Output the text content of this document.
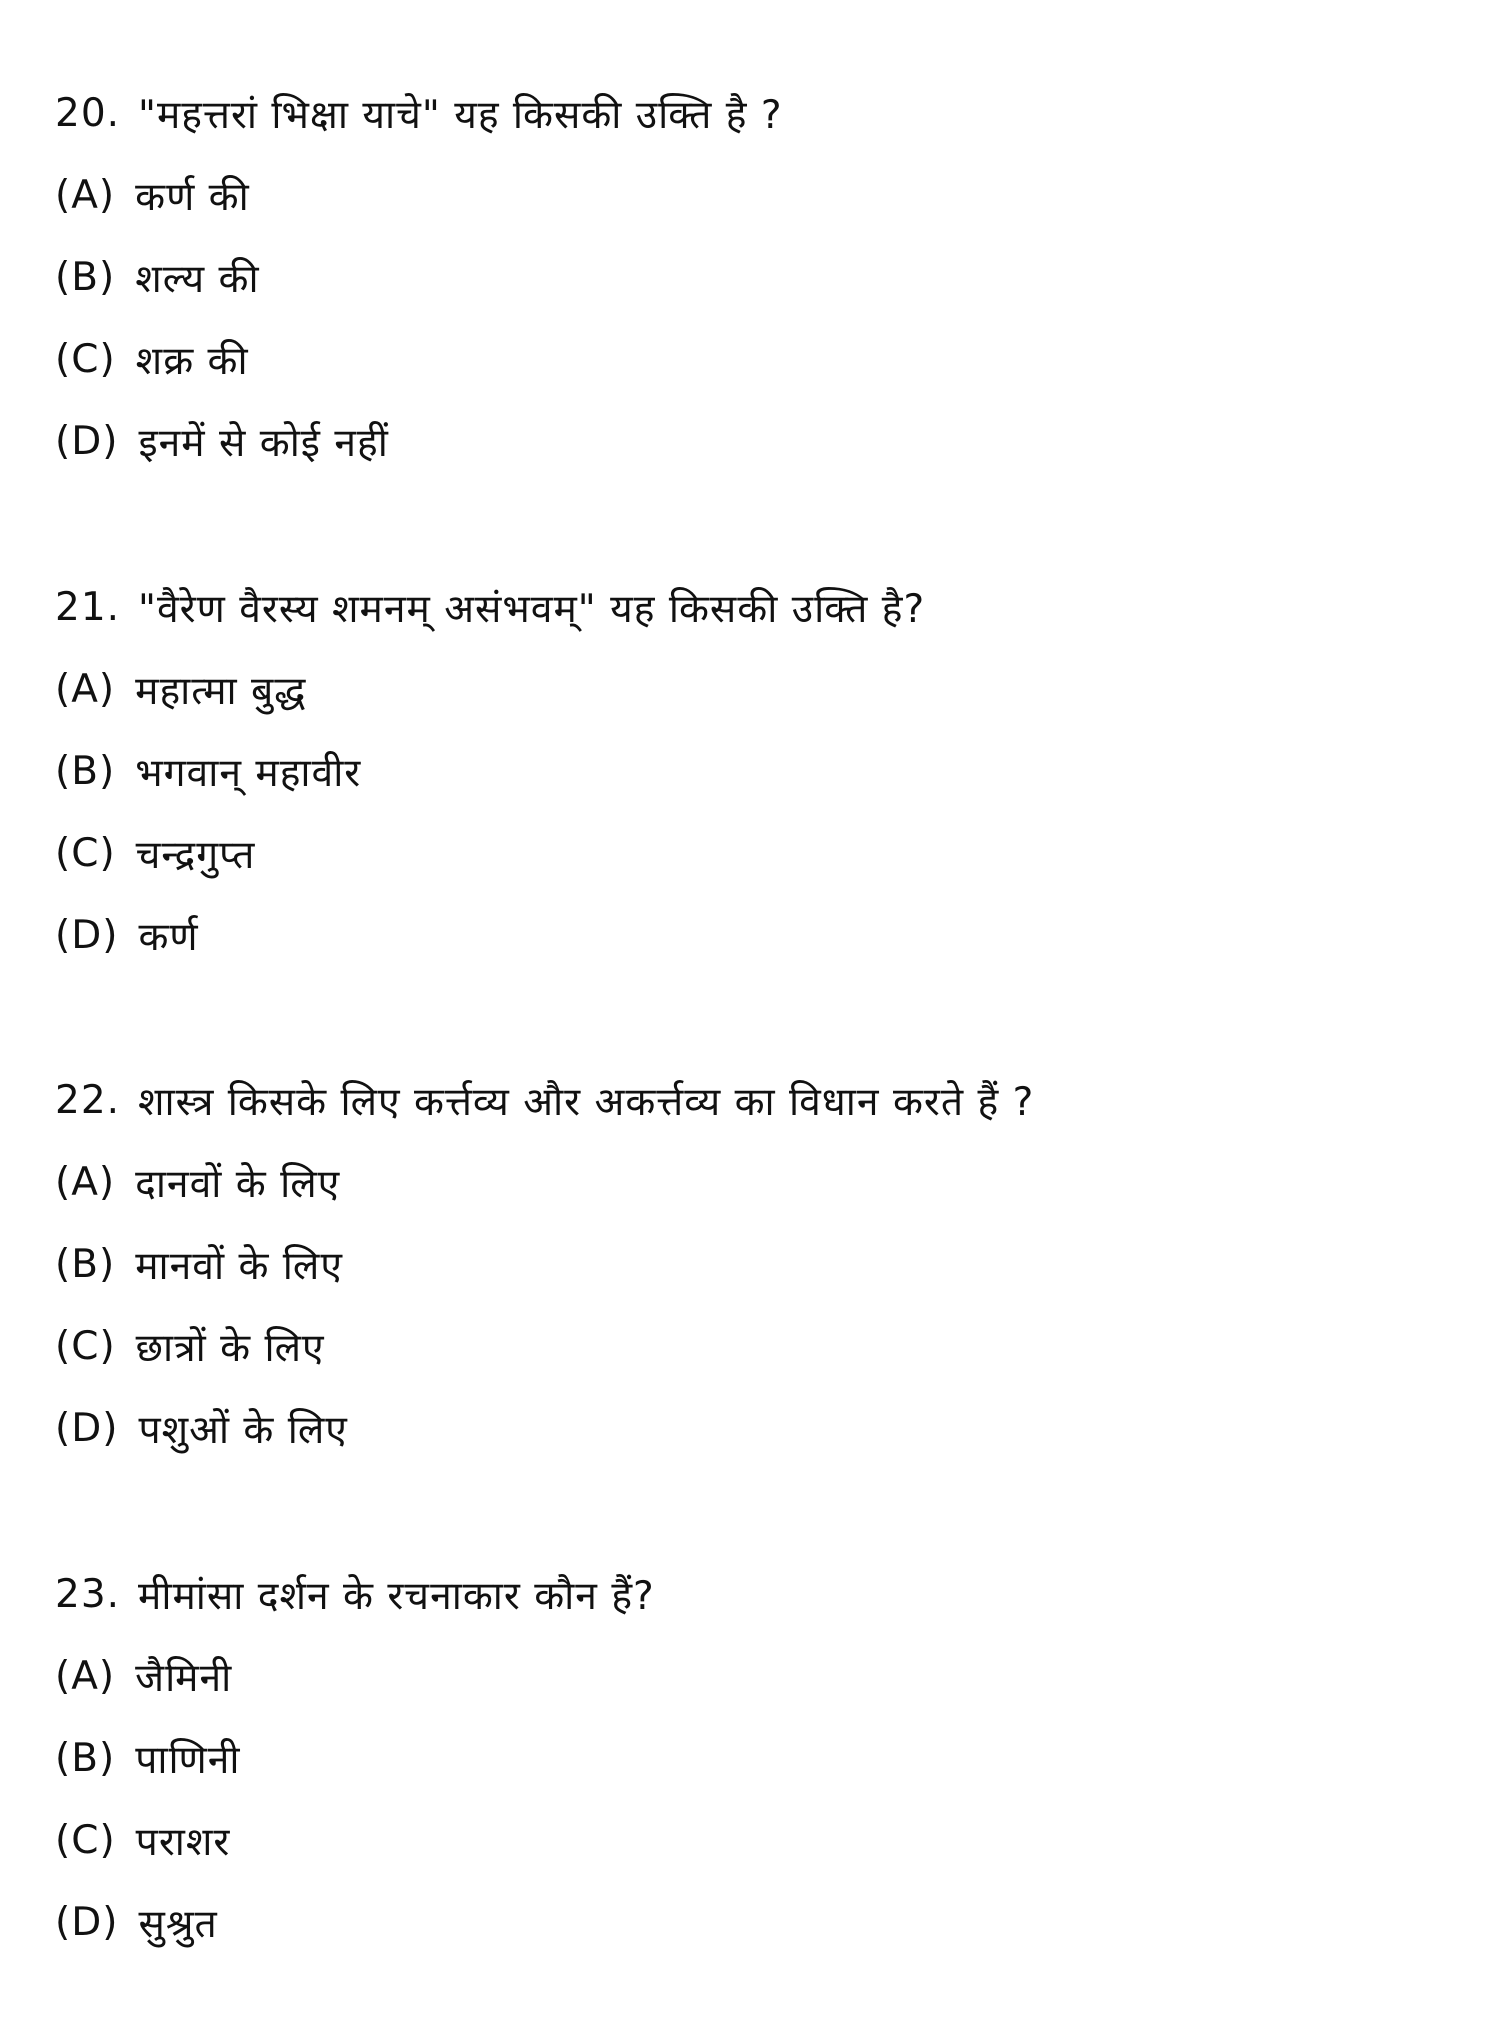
20. "महत्तरां भिक्षा याचे" यह किसकी उक्ति है ?
(A) कर्ण की
(B) शल्य की
(C) शक्र की
(D) इनमें से कोई नहीं
21. "वैरेण वैरस्य शमनम् असंभवम्" यह किसकी उक्ति है?
(A) महात्मा बुद्ध
(B) भगवान् महावीर
(C) चन्द्रगुप्त
(D) कर्ण
22. शास्त्र किसके लिए कर्त्तव्य और अकर्त्तव्य का विधान करते हैं ?
(A) दानवों के लिए
(B) मानवों के लिए
(C) छात्रों के लिए
(D) पशुओं के लिए
23. मीमांसा दर्शन के रचनाकार कौन हैं?
(A) जैमिनी
(B) पाणिनी
(C) पराशर
(D) सुश्रुत
